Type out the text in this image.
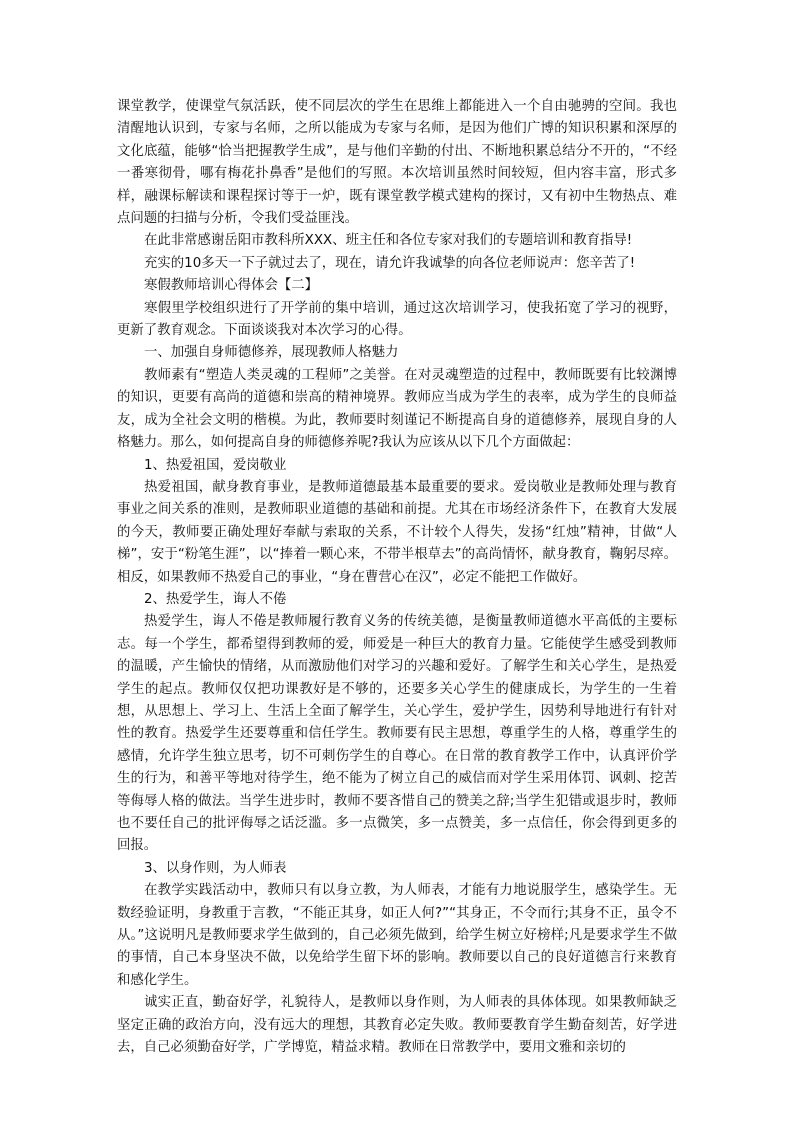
课堂教学，使课堂气氛活跃，使不同层次的学生在思维上都能进入一个自由驰骋的空间。我也清醒地认识到，专家与名师，之所以能成为专家与名师，是因为他们广博的知识积累和深厚的文化底蕴，能够“恰当把握教学生成”，是与他们辛勤的付出、不断地积累总结分不开的，“不经一番寒彻骨，哪有梅花扑鼻香”是他们的写照。本次培训虽然时间较短，但内容丰富，形式多样，融课标解读和课程探讨等于一炉，既有课堂教学模式建构的探讨，又有初中生物热点、难点问题的扫描与分析，令我们受益匪浅。

在此非常感谢岳阳市教科所XXX、班主任和各位专家对我们的专题培训和教育指导!

充实的10多天一下子就过去了，现在，请允许我诚挚的向各位老师说声：您辛苦了!

寒假教师培训心得体会【二】

寒假里学校组织进行了开学前的集中培训，通过这次培训学习，使我拓宽了学习的视野，更新了教育观念。下面谈谈我对本次学习的心得。

一、加强自身师德修养，展现教师人格魅力

教师素有“塑造人类灵魂的工程师”之美誉。在对灵魂塑造的过程中，教师既要有比较渊博的知识，更要有高尚的道德和崇高的精神境界。教师应当成为学生的表率，成为学生的良师益友，成为全社会文明的楷模。为此，教师要时刻谨记不断提高自身的道德修养，展现自身的人格魅力。那么，如何提高自身的师德修养呢?我认为应该从以下几个方面做起：

1、热爱祖国，爱岗敬业

热爱祖国，献身教育事业，是教师道德最基本最重要的要求。爱岗敬业是教师处理与教育事业之间关系的准则，是教师职业道德的基础和前提。尤其在市场经济条件下，在教育大发展的今天，教师要正确处理好奉献与索取的关系，不计较个人得失，发扬“红烛”精神，甘做“人梯”，安于“粉笔生涯”，以“捧着一颗心来，不带半根草去”的高尚情怀，献身教育，鞠躬尽瘁。相反，如果教师不热爱自己的事业，“身在曹营心在汉”，必定不能把工作做好。

2、热爱学生，诲人不倦

热爱学生，诲人不倦是教师履行教育义务的传统美德，是衡量教师道德水平高低的主要标志。每一个学生，都希望得到教师的爱，师爱是一种巨大的教育力量。它能使学生感受到教师的温暖，产生愉快的情绪，从而激励他们对学习的兴趣和爱好。了解学生和关心学生，是热爱学生的起点。教师仅仅把功课教好是不够的，还要多关心学生的健康成长，为学生的一生着想，从思想上、学习上、生活上全面了解学生，关心学生，爱护学生，因势利导地进行有针对性的教育。热爱学生还要尊重和信任学生。教师要有民主思想，尊重学生的人格，尊重学生的感情，允许学生独立思考，切不可刺伤学生的自尊心。在日常的教育教学工作中，认真评价学生的行为，和善平等地对待学生，绝不能为了树立自己的威信而对学生采用体罚、讽刺、挖苦等侮辱人格的做法。当学生进步时，教师不要吝惜自己的赞美之辞;当学生犯错或退步时，教师也不要任自己的批评侮辱之话泛滥。多一点微笑，多一点赞美，多一点信任，你会得到更多的回报。

3、以身作则，为人师表

在教学实践活动中，教师只有以身立教，为人师表，才能有力地说服学生，感染学生。无数经验证明，身教重于言教，“不能正其身，如正人何?”“其身正，不令而行;其身不正，虽令不从。”这说明凡是教师要求学生做到的，自己必须先做到，给学生树立好榜样;凡是要求学生不做的事情，自己本身坚决不做，以免给学生留下坏的影响。教师要以自己的良好道德言行来教育和感化学生。

诚实正直，勤奋好学，礼貌待人，是教师以身作则，为人师表的具体体现。如果教师缺乏坚定正确的政治方向，没有远大的理想，其教育必定失败。教师要教育学生勤奋刻苦，好学进去，自己必须勤奋好学，广学博览，精益求精。教师在日常教学中，要用文雅和亲切的
